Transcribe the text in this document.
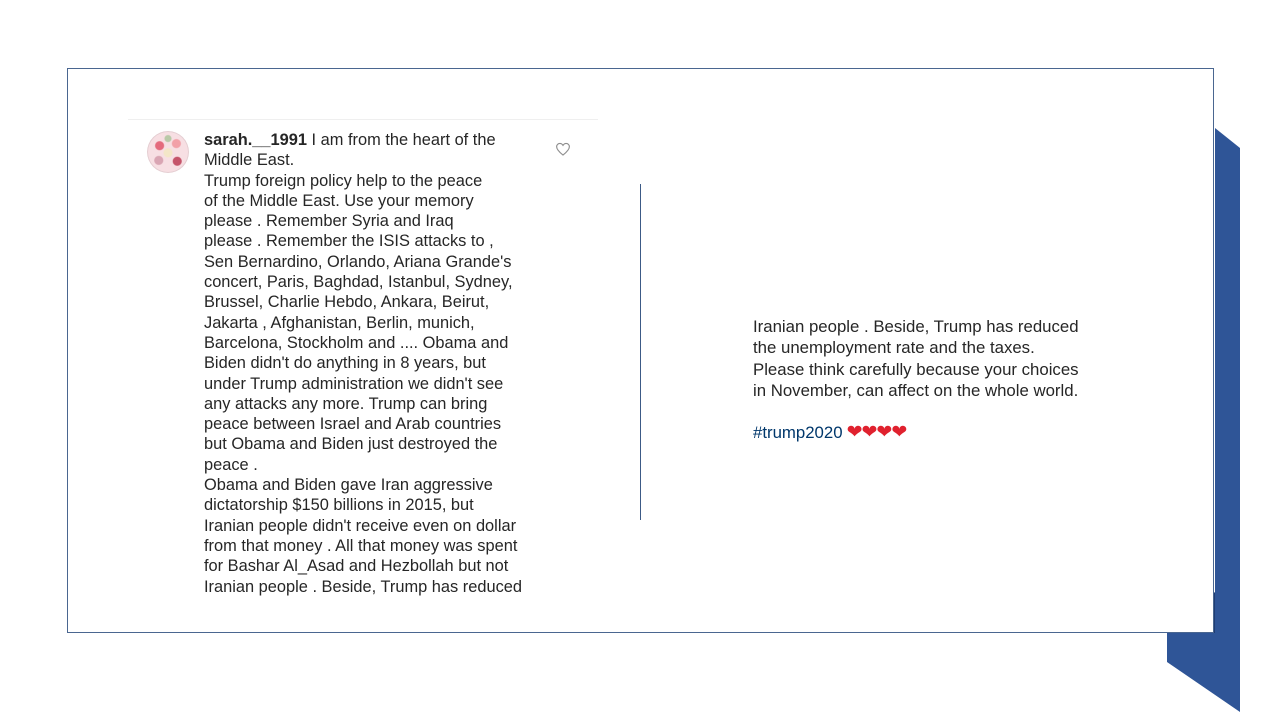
sarah.__1991 I am from the heart of the
Middle East.
Trump foreign policy help to the peace
of the Middle East. Use your memory
please . Remember Syria and Iraq
please . Remember the ISIS attacks to ,
Sen Bernardino, Orlando, Ariana Grande's
concert, Paris, Baghdad, Istanbul, Sydney,
Brussel, Charlie Hebdo, Ankara, Beirut,
Jakarta , Afghanistan, Berlin, munich,
Barcelona, Stockholm and .... Obama and
Biden didn't do anything in 8 years, but
under Trump administration we didn't see
any attacks any more. Trump can bring
peace between Israel and Arab countries
but Obama and Biden just destroyed the
peace .
Obama and Biden gave Iran aggressive
dictatorship $150 billions in 2015, but
Iranian people didn't receive even on dollar
from that money . All that money was spent
for Bashar Al_Asad and Hezbollah but not
Iranian people . Beside, Trump has reduced

Iranian people . Beside, Trump has reduced
the unemployment rate and the taxes.
Please think carefully because your choices
in November, can affect on the whole world.

#trump2020 ❤❤❤❤
